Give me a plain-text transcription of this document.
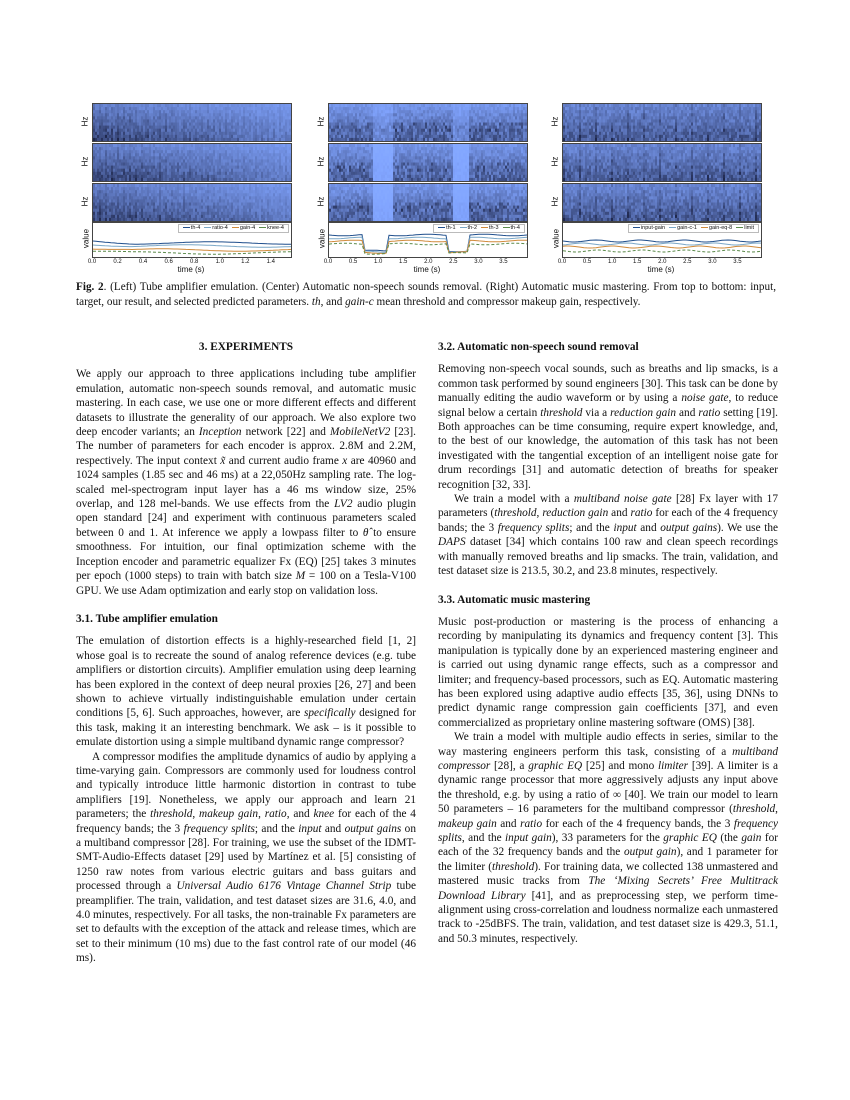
Hz
Hz
Hz
value
th-4 ratio-4 gain-4 knee-4
0.0	0.2	0.4	0.6	0.8	1.0	1.2	1.4
time (s)
Hz
Hz
Hz
value
th-1 th-2 th-3 th-4
0.0	0.5	1.0	1.5	2.0	2.5	3.0	3.5
time (s)
Hz
Hz
Hz
value
input-gain gain-c-1 gain-eq-8 limit
0.0	0.5	1.0	1.5	2.0	2.5	3.0	3.5
time (s)
Fig. 2. (Left) Tube amplifier emulation. (Center) Automatic non-speech sounds removal. (Right) Automatic music mastering. From top to bottom: input, target, our result, and selected predicted parameters. th, and gain-c mean threshold and compressor makeup gain, respectively.
3. EXPERIMENTS

We apply our approach to three applications including tube amplifier emulation, automatic non-speech sounds removal, and automatic music mastering. In each case, we use one or more different effects and different datasets to illustrate the generality of our approach. We also explore two deep encoder variants; an Inception network [22] and MobileNetV2 [23]. The number of parameters for each encoder is approx. 2.8M and 2.2M, respectively. The input context x̃ and current audio frame x are 40960 and 1024 samples (1.85 sec and 46 ms) at a 22,050Hz sampling rate. The log-scaled mel-spectrogram input layer has a 46 ms window size, 25% overlap, and 128 mel-bands. We use effects from the LV2 audio plugin open standard [24] and experiment with continuous parameters scaled between 0 and 1. At inference we apply a lowpass filter to θ̂ to ensure smoothness. For intuition, our final optimization scheme with the Inception encoder and parametric equalizer Fx (EQ) [25] takes 3 minutes per epoch (1000 steps) to train with batch size M = 100 on a Tesla-V100 GPU. We use Adam optimization and early stop on validation loss.

3.1. Tube amplifier emulation

The emulation of distortion effects is a highly-researched field [1, 2] whose goal is to recreate the sound of analog reference devices (e.g. tube amplifiers or distortion circuits). Amplifier emulation using deep learning has been explored in the context of deep neural proxies [26, 27] and been shown to achieve virtually indistinguishable emulation under certain conditions [5, 6]. Such approaches, however, are specifically designed for this task, making it an interesting benchmark. We ask – is it possible to emulate distortion using a simple multiband dynamic range compressor?

A compressor modifies the amplitude dynamics of audio by applying a time-varying gain. Compressors are commonly used for loudness control and typically introduce little harmonic distortion in contrast to tube amplifiers [19]. Nonetheless, we apply our approach and learn 21 parameters; the threshold, makeup gain, ratio, and knee for each of the 4 frequency bands; the 3 frequency splits; and the input and output gains on a multiband compressor [28]. For training, we use the subset of the IDMT-SMT-Audio-Effects dataset [29] used by Martínez et al. [5] consisting of 1250 raw notes from various electric guitars and bass guitars and processed through a Universal Audio 6176 Vintage Channel Strip tube preamplifier. The train, validation, and test dataset sizes are 31.6, 4.0, and 4.0 minutes, respectively. For all tasks, the non-trainable Fx parameters are set to defaults with the exception of the attack and release times, which are set to their minimum (10 ms) due to the fast control rate of our model (46 ms).

3.2. Automatic non-speech sound removal

Removing non-speech vocal sounds, such as breaths and lip smacks, is a common task performed by sound engineers [30]. This task can be done by manually editing the audio waveform or by using a noise gate, to reduce signal below a certain threshold via a reduction gain and ratio setting [19]. Both approaches can be time consuming, require expert knowledge, and, to the best of our knowledge, the automation of this task has not been investigated with the tangential exception of an intelligent noise gate for drum recordings [31] and automatic detection of breaths for speaker recognition [32, 33].

We train a model with a multiband noise gate [28] Fx layer with 17 parameters (threshold, reduction gain and ratio for each of the 4 frequency bands; the 3 frequency splits; and the input and output gains). We use the DAPS dataset [34] which contains 100 raw and clean speech recordings with manually removed breaths and lip smacks. The train, validation, and test dataset size is 213.5, 30.2, and 23.8 minutes, respectively.

3.3. Automatic music mastering

Music post-production or mastering is the process of enhancing a recording by manipulating its dynamics and frequency content [3]. This manipulation is typically done by an experienced mastering engineer and is carried out using dynamic range effects, such as a compressor and limiter; and frequency-based processors, such as EQ. Automatic mastering has been explored using adaptive audio effects [35, 36], using DNNs to predict dynamic range compression gain coefficients [37], and even commercialized as proprietary online mastering software (OMS) [38].

We train a model with multiple audio effects in series, similar to the way mastering engineers perform this task, consisting of a multiband compressor [28], a graphic EQ [25] and mono limiter [39]. A limiter is a dynamic range processor that more aggressively adjusts any input above the threshold, e.g. by using a ratio of ∞ [40]. We train our model to learn 50 parameters – 16 parameters for the multiband compressor (threshold, makeup gain and ratio for each of the 4 frequency bands, the 3 frequency splits, and the input gain), 33 parameters for the graphic EQ (the gain for each of the 32 frequency bands and the output gain), and 1 parameter for the limiter (threshold). For training data, we collected 138 unmastered and mastered music tracks from The ‘Mixing Secrets’ Free Multitrack Download Library [41], and as preprocessing step, we perform time-alignment using cross-correlation and loudness normalize each unmastered track to -25dBFS. The train, validation, and test dataset size is 429.3, 51.1, and 50.3 minutes, respectively.
